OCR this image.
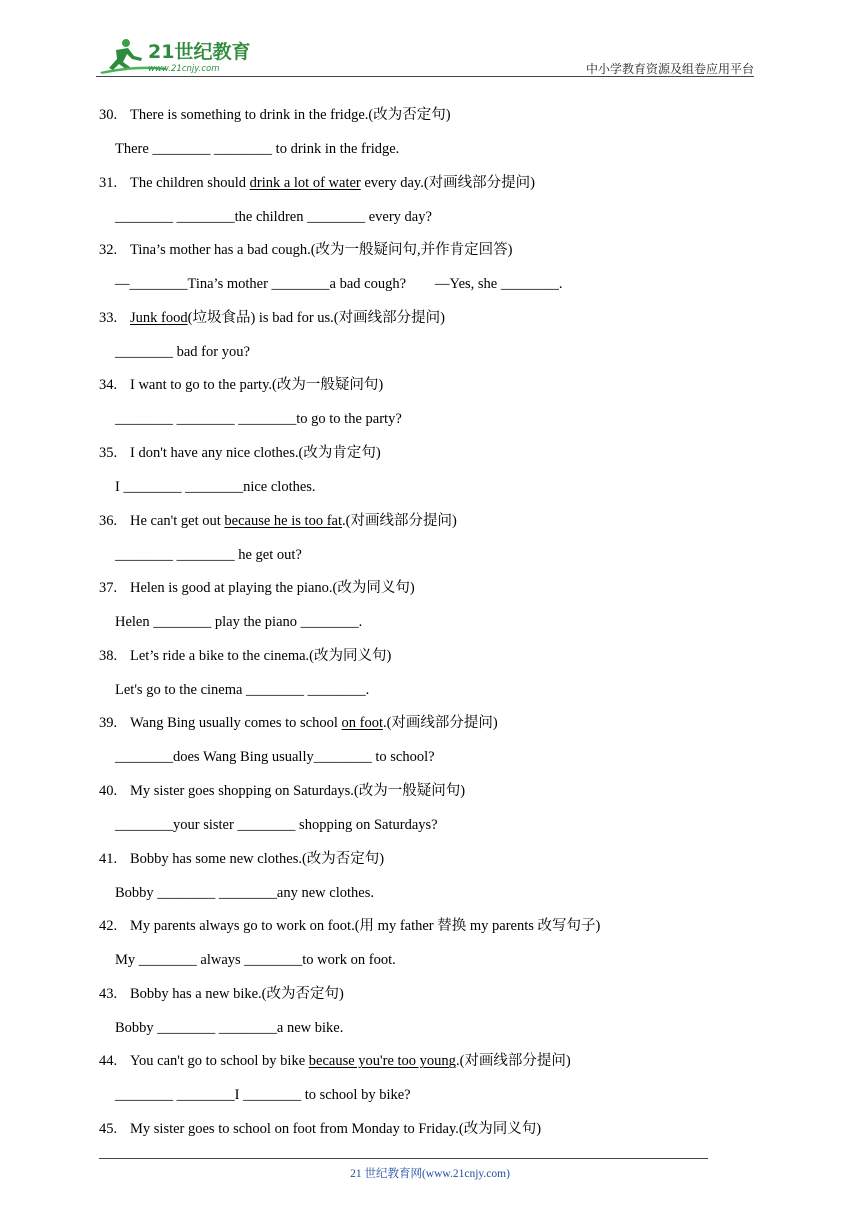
21世纪教育
www.21cnjy.com	中小学教育资源及组卷应用平台
30. There is something to drink in the fridge.(改为否定句)
There ________ ________ to drink in the fridge.
31. The children should drink a lot of water every day.(对画线部分提问)
________ ________the children ________ every day?
32. Tina’s mother has a bad cough.(改为一般疑问句,并作肯定回答)
—________Tina’s mother ________a bad cough?        —Yes, she ________.
33. Junk food(垃圾食品) is bad for us.(对画线部分提问)
________ bad for you?
34. I want to go to the party.(改为一般疑问句)
________ ________ ________to go to the party?
35. I don't have any nice clothes.(改为肯定句)
I ________ ________nice clothes.
36. He can't get out because he is too fat.(对画线部分提问)
________ ________ he get out?
37. Helen is good at playing the piano.(改为同义句)
Helen ________ play the piano ________.
38. Let’s ride a bike to the cinema.(改为同义句)
Let's go to the cinema ________ ________.
39. Wang Bing usually comes to school on foot.(对画线部分提问)
________does Wang Bing usually________ to school?
40. My sister goes shopping on Saturdays.(改为一般疑问句)
________your sister ________ shopping on Saturdays?
41. Bobby has some new clothes.(改为否定句)
Bobby ________ ________any new clothes.
42. My parents always go to work on foot.(用 my father 替换 my parents 改写句子)
My ________ always ________to work on foot.
43. Bobby has a new bike.(改为否定句)
Bobby ________ ________a new bike.
44. You can't go to school by bike because you're too young.(对画线部分提问)
________ ________I ________ to school by bike?
45. My sister goes to school on foot from Monday to Friday.(改为同义句)
21 世纪教育网(www.21cnjy.com)
